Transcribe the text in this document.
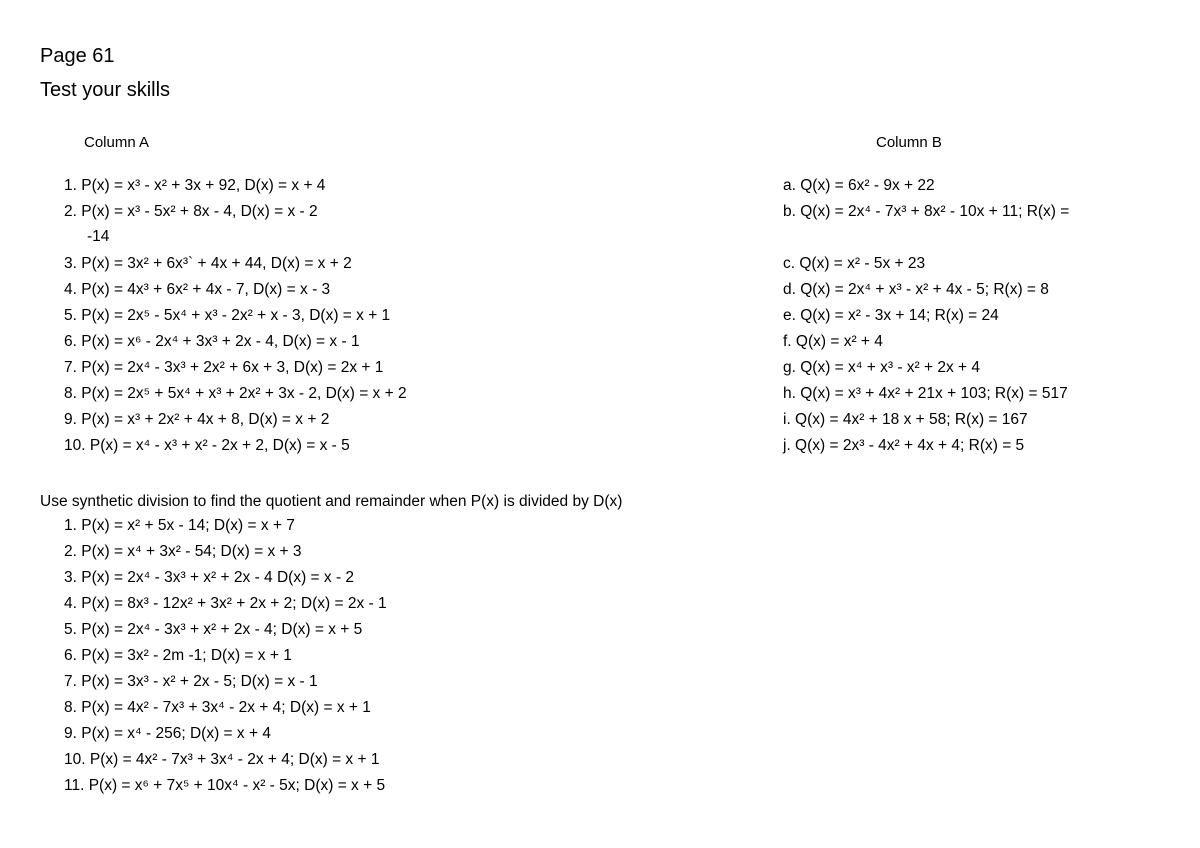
Page 61
Test your skills
Column A	Column B
1. P(x) = x³ - x² + 3x + 92, D(x) = x + 4
2. P(x) = x³ - 5x² + 8x - 4, D(x) = x - 2
-14
3. P(x) = 3x² + 6x³` + 4x + 44, D(x) = x + 2
4. P(x) = 4x³ + 6x² + 4x - 7, D(x) = x - 3
5. P(x) = 2x⁵ - 5x⁴ + x³ - 2x² + x - 3, D(x) = x + 1
6. P(x) = x⁶ - 2x⁴ + 3x³ + 2x - 4, D(x) = x - 1
7. P(x) = 2x⁴ - 3x³ + 2x² + 6x + 3, D(x) = 2x + 1
8. P(x) = 2x⁵ + 5x⁴ + x³ + 2x² + 3x - 2, D(x) = x + 2
9. P(x) = x³ + 2x² + 4x + 8, D(x) = x + 2
10. P(x) = x⁴ - x³ + x² - 2x + 2, D(x) = x - 5
a. Q(x) = 6x² - 9x + 22
b. Q(x) = 2x⁴ - 7x³ + 8x² - 10x + 11; R(x) =
c. Q(x) = x² - 5x + 23
d. Q(x) = 2x⁴ + x³ - x² + 4x - 5; R(x) = 8
e. Q(x) = x² - 3x + 14; R(x) = 24
f. Q(x) = x² + 4
g. Q(x) = x⁴ + x³ - x² + 2x + 4
h. Q(x) = x³ + 4x² + 21x + 103; R(x) = 517
i. Q(x) = 4x² + 18 x + 58; R(x) = 167
j. Q(x) = 2x³ - 4x² + 4x + 4; R(x) = 5
Use synthetic division to find the quotient and remainder when P(x) is divided by D(x)
1. P(x) = x² + 5x - 14; D(x) = x + 7
2. P(x) = x⁴ + 3x² - 54; D(x) = x + 3
3. P(x) = 2x⁴ - 3x³ + x² + 2x - 4 D(x) = x - 2
4. P(x) = 8x³ - 12x² + 3x² + 2x + 2; D(x) = 2x - 1
5. P(x) = 2x⁴ - 3x³ + x² + 2x - 4; D(x) = x + 5
6. P(x) = 3x² - 2m -1; D(x) = x + 1
7. P(x) = 3x³ - x² + 2x - 5; D(x) = x - 1
8. P(x) = 4x² - 7x³ + 3x⁴ - 2x + 4; D(x) = x + 1
9. P(x) = x⁴ - 256; D(x) = x + 4
10. P(x) = 4x² - 7x³ + 3x⁴ - 2x + 4; D(x) = x + 1
11. P(x) = x⁶ + 7x⁵ + 10x⁴ - x² - 5x; D(x) = x + 5
